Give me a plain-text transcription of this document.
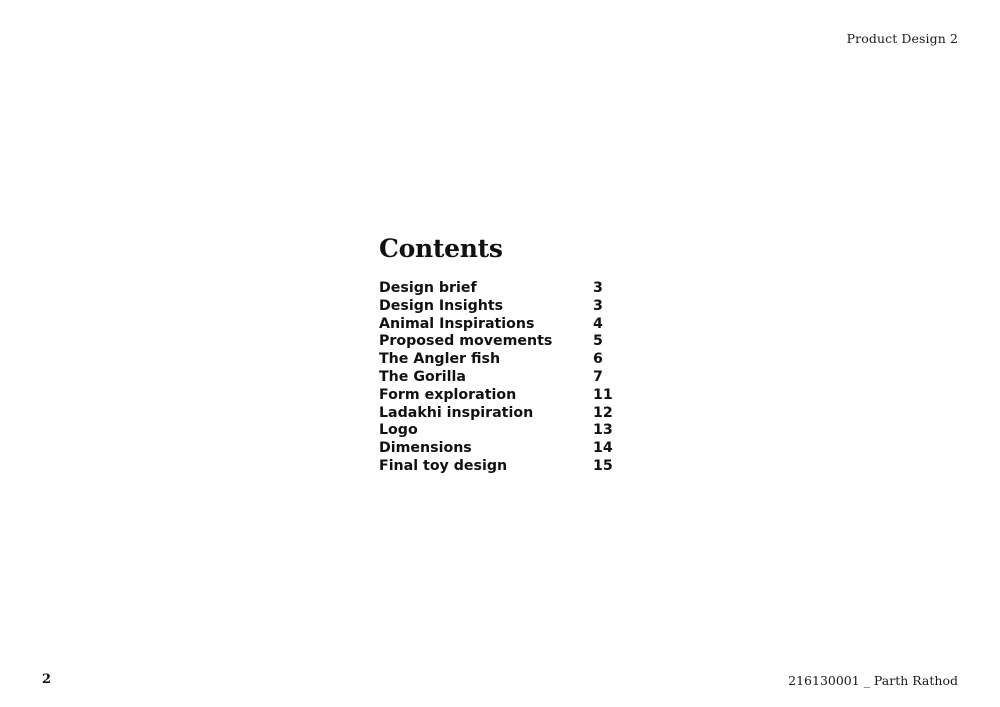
Product Design 2
Contents
Design brief	3
Design Insights	3
Animal Inspirations	4
Proposed movements	5
The Angler fish	6
The Gorilla	7
Form exploration	11
Ladakhi inspiration	12
Logo	13
Dimensions	14
Final toy design	15
2	216130001 _ Parth Rathod
